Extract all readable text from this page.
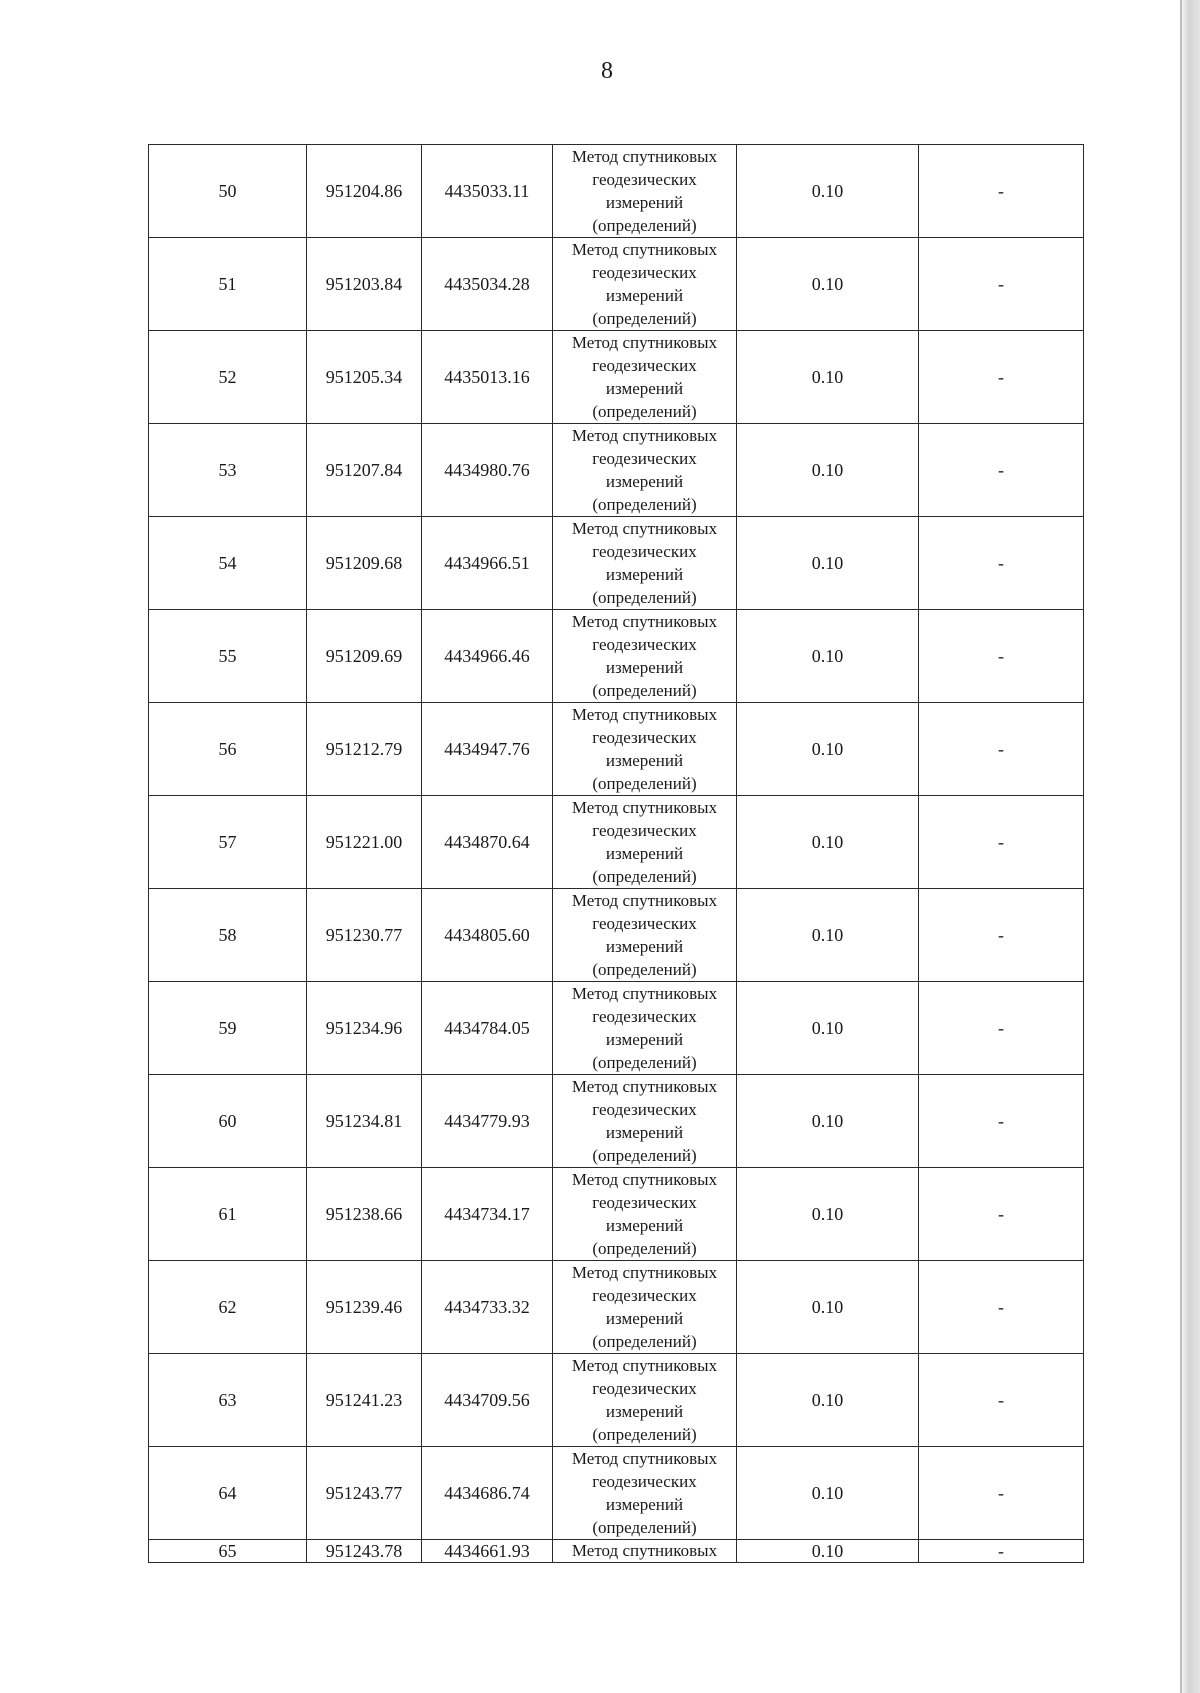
8
50	951204.86	4435033.11	Метод спутниковых
геодезических
измерений
(определений)	0.10	-
51	951203.84	4435034.28	Метод спутниковых
геодезических
измерений
(определений)	0.10	-
52	951205.34	4435013.16	Метод спутниковых
геодезических
измерений
(определений)	0.10	-
53	951207.84	4434980.76	Метод спутниковых
геодезических
измерений
(определений)	0.10	-
54	951209.68	4434966.51	Метод спутниковых
геодезических
измерений
(определений)	0.10	-
55	951209.69	4434966.46	Метод спутниковых
геодезических
измерений
(определений)	0.10	-
56	951212.79	4434947.76	Метод спутниковых
геодезических
измерений
(определений)	0.10	-
57	951221.00	4434870.64	Метод спутниковых
геодезических
измерений
(определений)	0.10	-
58	951230.77	4434805.60	Метод спутниковых
геодезических
измерений
(определений)	0.10	-
59	951234.96	4434784.05	Метод спутниковых
геодезических
измерений
(определений)	0.10	-
60	951234.81	4434779.93	Метод спутниковых
геодезических
измерений
(определений)	0.10	-
61	951238.66	4434734.17	Метод спутниковых
геодезических
измерений
(определений)	0.10	-
62	951239.46	4434733.32	Метод спутниковых
геодезических
измерений
(определений)	0.10	-
63	951241.23	4434709.56	Метод спутниковых
геодезических
измерений
(определений)	0.10	-
64	951243.77	4434686.74	Метод спутниковых
геодезических
измерений
(определений)	0.10	-
65	951243.78	4434661.93	Метод спутниковых	0.10	-
